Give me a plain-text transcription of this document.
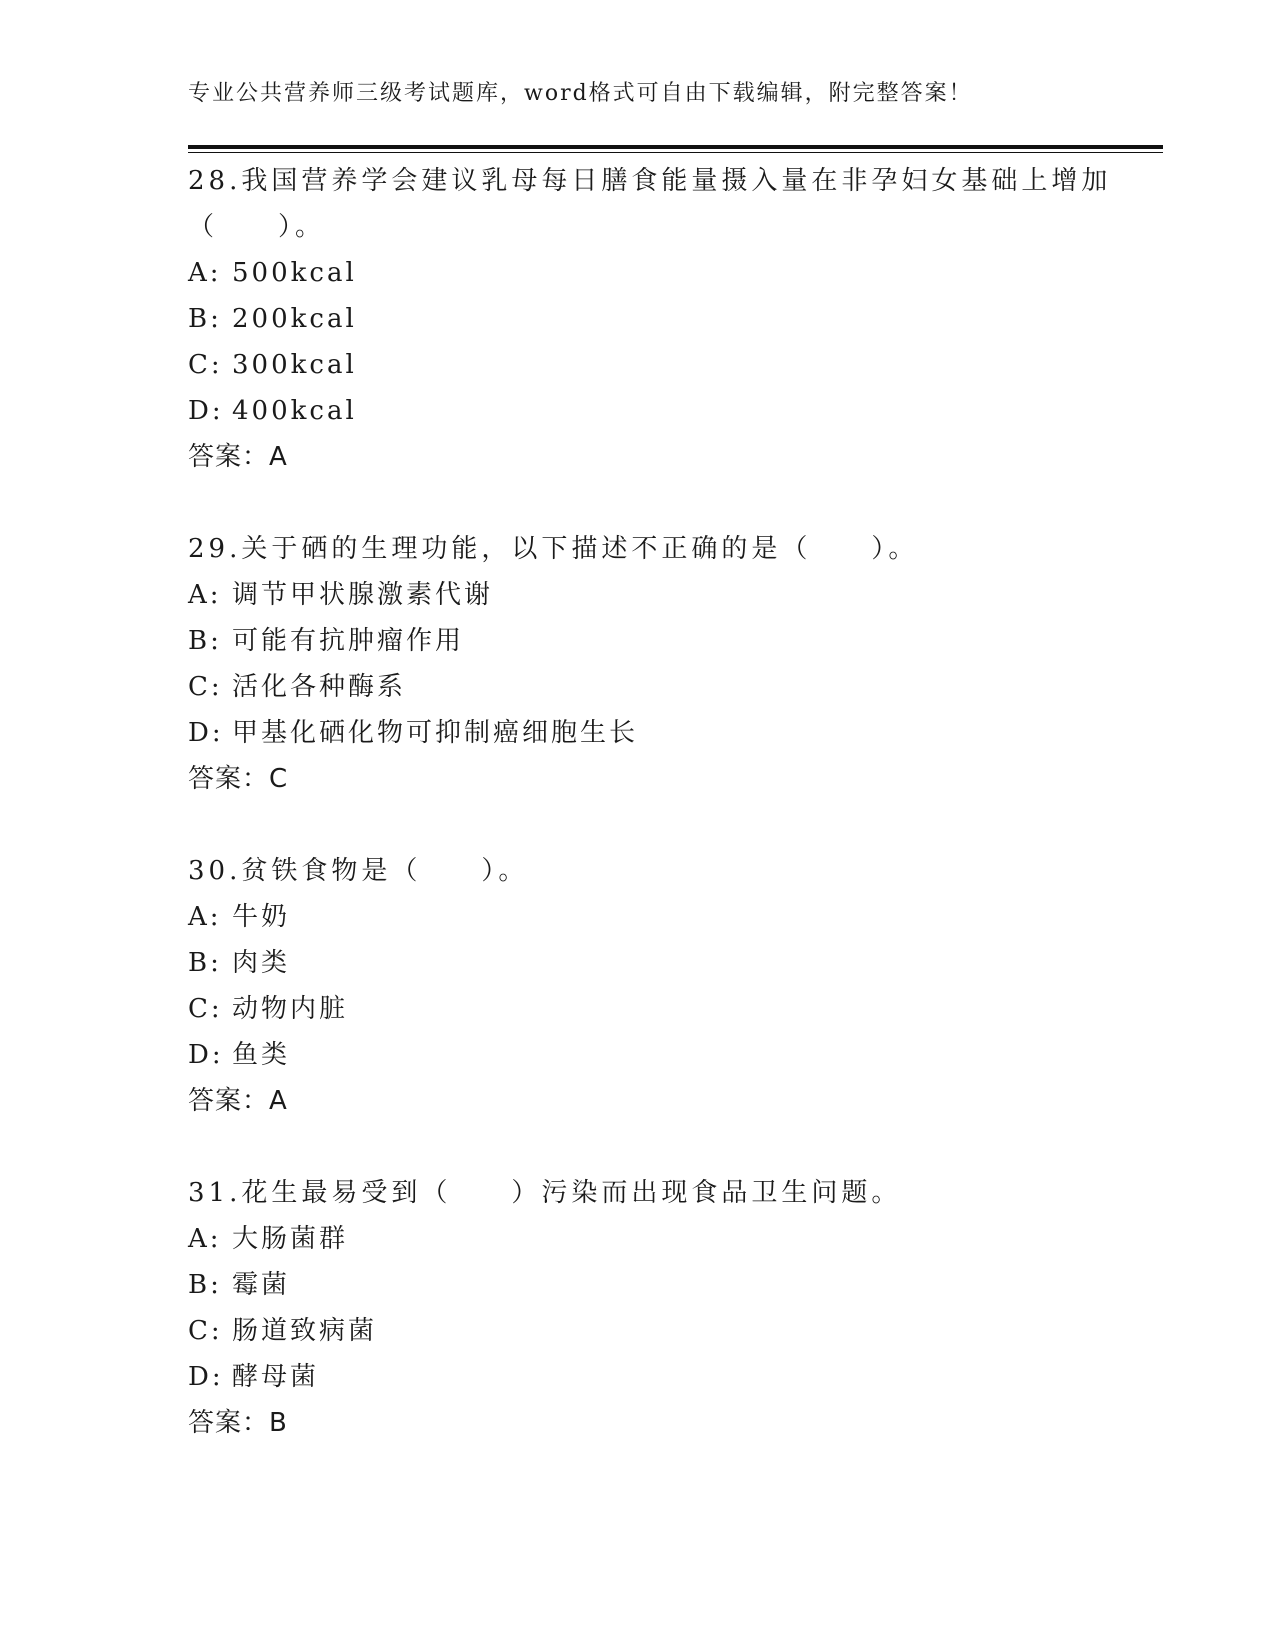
专业公共营养师三级考试题库，word格式可自由下载编辑，附完整答案！
28.我国营养学会建议乳母每日膳食能量摄入量在非孕妇女基础上增加（　　）。
A: 500kcal
B: 200kcal
C: 300kcal
D: 400kcal
答案：A
29.关于硒的生理功能，以下描述不正确的是（　　）。
A: 调节甲状腺激素代谢
B: 可能有抗肿瘤作用
C: 活化各种酶系
D: 甲基化硒化物可抑制癌细胞生长
答案：C
30.贫铁食物是（　　）。
A: 牛奶
B: 肉类
C: 动物内脏
D: 鱼类
答案：A
31.花生最易受到（　　）污染而出现食品卫生问题。
A: 大肠菌群
B: 霉菌
C: 肠道致病菌
D: 酵母菌
答案：B
